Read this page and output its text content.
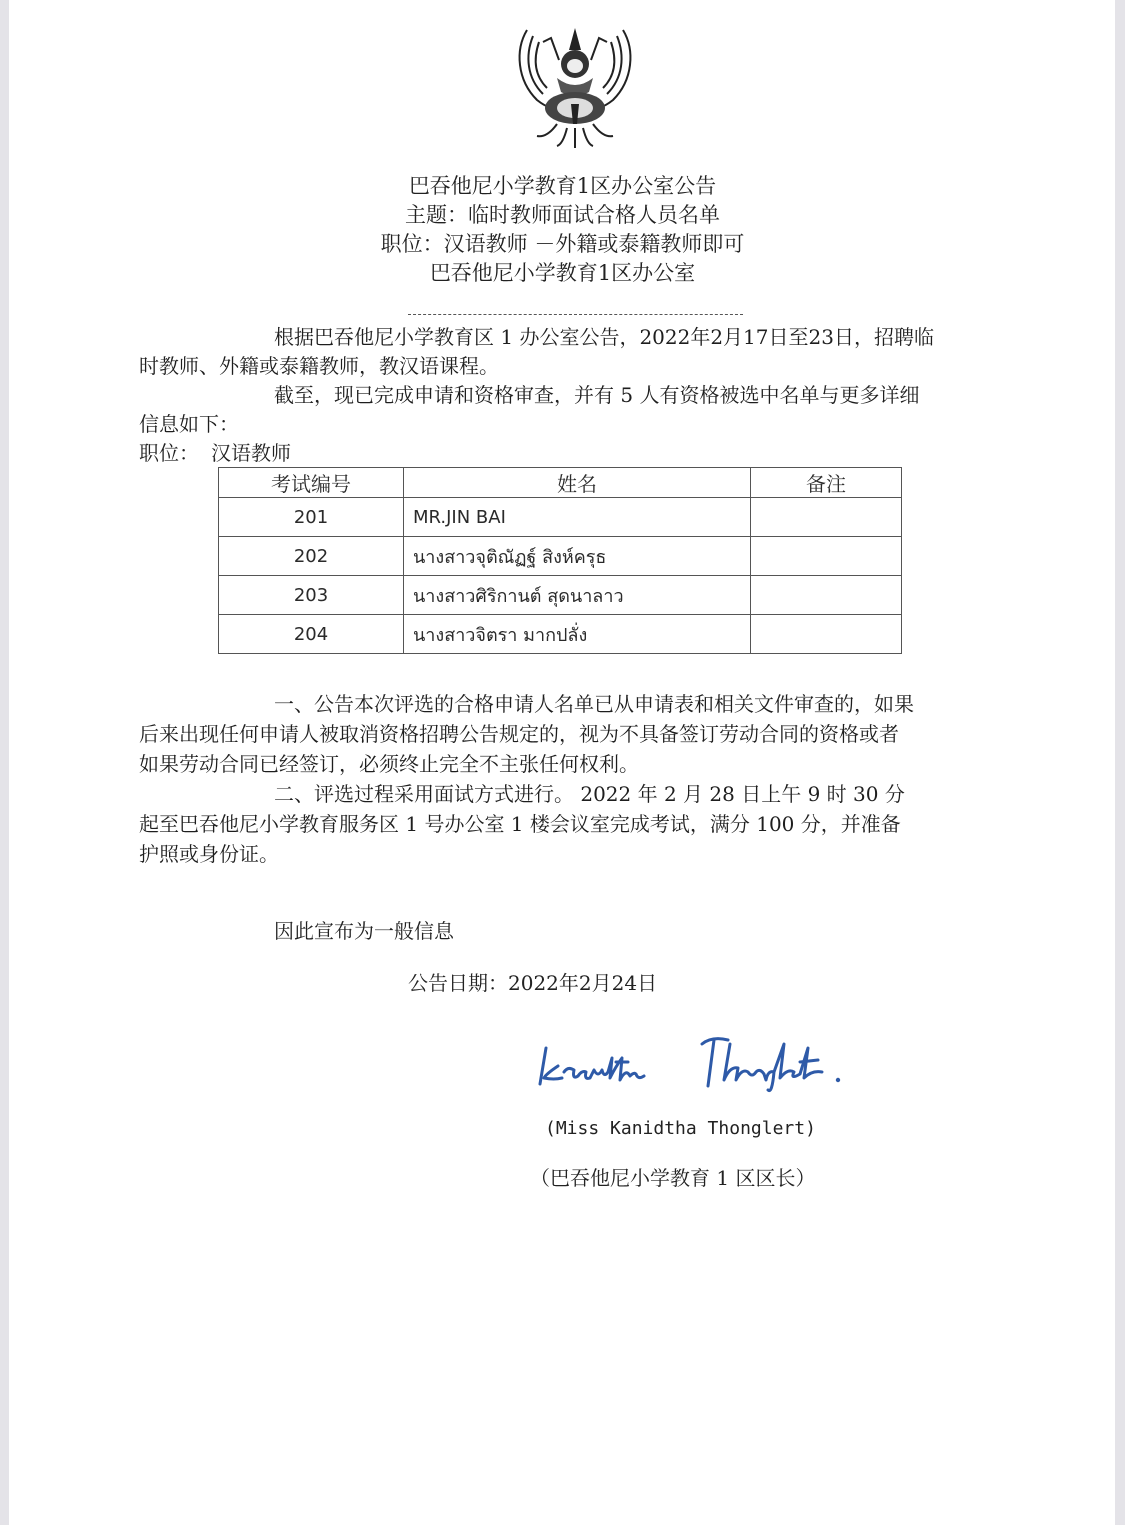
巴吞他尼小学教育1区办公室公告
主题：临时教师面试合格人员名单
职位：汉语教师 －外籍或泰籍教师即可
巴吞他尼小学教育1区办公室
根据巴吞他尼小学教育区 1 办公室公告，2022年2月17日至23日，招聘临
时教师、外籍或泰籍教师，教汉语课程。
截至，现已完成申请和资格审查，并有 5 人有资格被选中名单与更多详细
信息如下：
职位： 汉语教师
考试编号	姓名	备注
201	MR.JIN BAI	
202	นางสาวจุติณัฏฐ์ สิงห์ครุธ	
203	นางสาวศิริกานต์ สุดนาลาว	
204	นางสาวจิตรา มากปลั่ง	
一、公告本次评选的合格申请人名单已从申请表和相关文件审查的，如果
后来出现任何申请人被取消资格招聘公告规定的，视为不具备签订劳动合同的资格或者
如果劳动合同已经签订，必须终止完全不主张任何权利。
二、评选过程采用面试方式进行。 2022 年 2 月 28 日上午 9 时 30 分
起至巴吞他尼小学教育服务区 1 号办公室 1 楼会议室完成考试，满分 100 分，并准备
护照或身份证。
因此宣布为一般信息
公告日期：2022年2月24日
(Miss Kanidtha Thonglert)
（巴吞他尼小学教育 1 区区长）
